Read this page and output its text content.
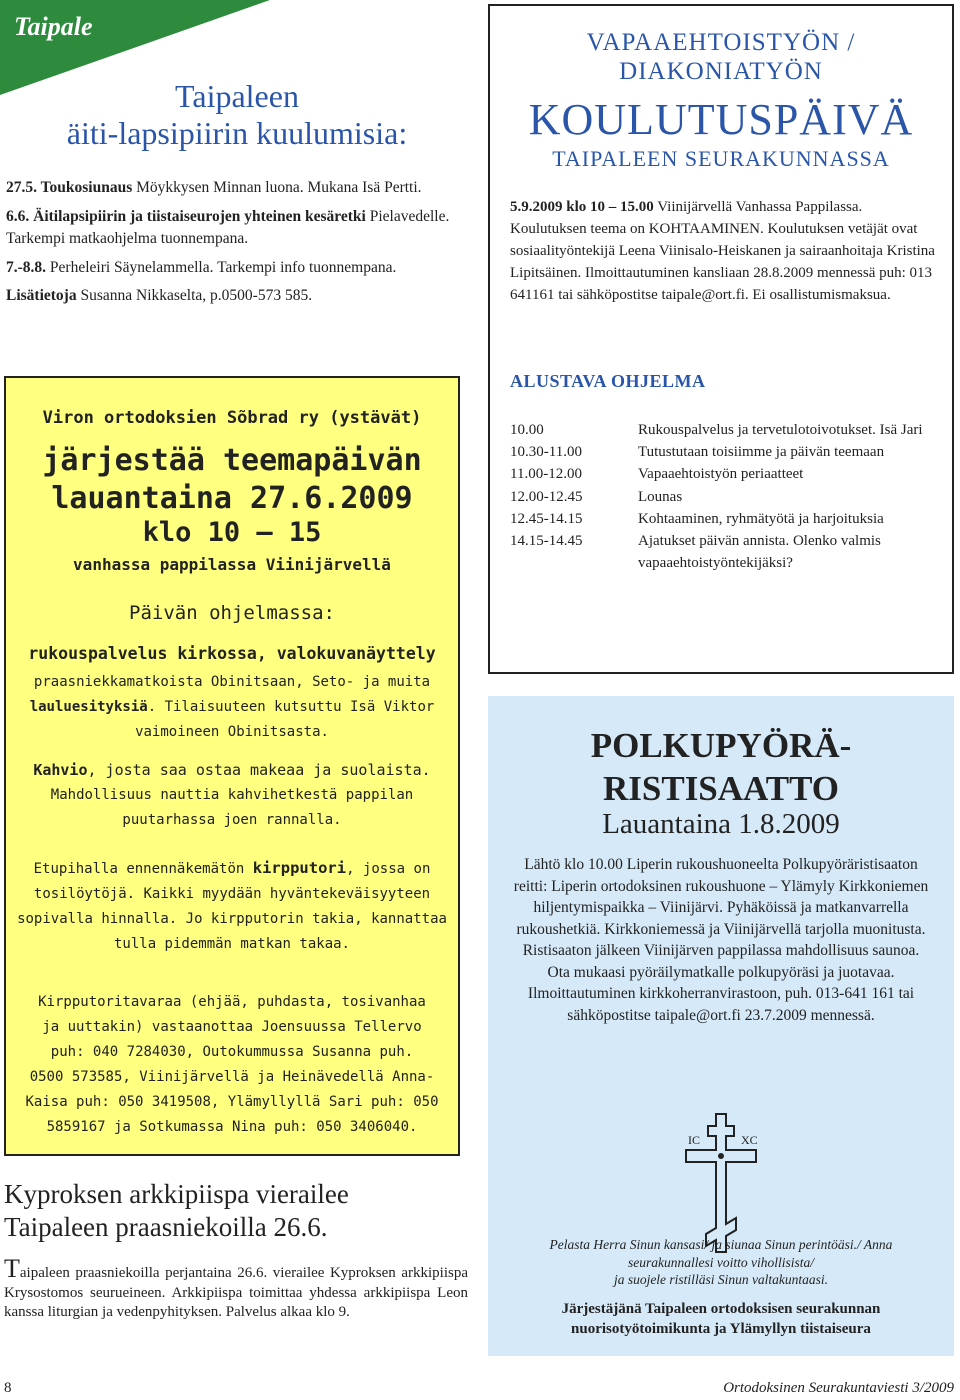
Taipale
Taipaleen
äiti-lapsipiirin kuulumisia:

27.5. Toukosiunaus Möykkysen Minnan luona. Mukana Isä Pertti.

6.6. Äitilapsipiirin ja tiistaiseurojen yhteinen kesäretki Pielavedelle. Tarkempi matkaohjelma tuonnempana.

7.-8.8. Perheleiri Säynelammella. Tarkempi info tuonnempana.

Lisätietoja Susanna Nikkaselta, p.0500-573 585.

Viron ortodoksien Sõbrad ry (ystävät)
järjestää teemapäivän
lauantaina 27.6.2009
klo 10 – 15
vanhassa pappilassa Viinijärvellä
Päivän ohjelmassa:
rukouspalvelus kirkossa, valokuvanäyttely
praasniekkamatkoista Obinitsaan, Seto- ja muita
lauluesityksiä. Tilaisuuteen kutsuttu Isä Viktor
vaimoineen Obinitsasta.
Kahvio, josta saa ostaa makeaa ja suolaista.
Mahdollisuus nauttia kahvihetkestä pappilan
puutarhassa joen rannalla.
Etupihalla ennennäkemätön kirpputori, jossa on
tosilöytöjä. Kaikki myydään hyväntekeväisyyteen
sopivalla hinnalla. Jo kirpputorin takia, kannattaa
tulla pidemmän matkan takaa.
Kirpputoritavaraa (ehjää, puhdasta, tosivanhaa
ja uuttakin) vastaanottaa Joensuussa Tellervo
puh: 040 7284030, Outokummussa Susanna puh.
0500 573585, Viinijärvellä ja Heinävedellä Anna-
Kaisa puh: 050 3419508, Ylämyllyllä Sari puh: 050
5859167 ja Sotkumassa Nina puh: 050 3406040.
Kyproksen arkkipiispa vierailee
Taipaleen praasniekoilla 26.6.
Taipaleen praasniekoilla perjantaina 26.6. vierailee Kyproksen arkkipiispa Krysostomos seurueineen. Arkkipiispa toimittaa yhdessa arkkipiispa Leon kanssa liturgian ja vedenpyhityksen. Palvelus alkaa klo 9.
VAPAAEHTOISTYÖN /
DIAKONIATYÖN
KOULUTUSPÄIVÄ
TAIPALEEN SEURAKUNNASSA
5.9.2009 klo 10 – 15.00 Viinijärvellä Vanhassa Pappilassa. Koulutuksen teema on KOHTAAMINEN. Koulutuksen vetäjät ovat sosiaalityöntekijä Leena Viinisalo-Heiskanen ja sairaanhoitaja Kristina Lipitsäinen. Ilmoittautuminen kansliaan 28.8.2009 mennessä puh: 013 641161 tai sähköpostitse taipale@ort.fi. Ei osallistumismaksua.
ALUSTAVA OHJELMA
10.00	Rukouspalvelus ja tervetulotoivotukset. Isä Jari
10.30-11.00	Tutustutaan toisiimme ja päivän teemaan
11.00-12.00	Vapaaehtoistyön periaatteet
12.00-12.45	Lounas
12.45-14.15	Kohtaaminen, ryhmätyötä ja harjoituksia
14.15-14.45	Ajatukset päivän annista. Olenko valmis vapaaehtoistyöntekijäksi?
POLKUPYÖRÄ-
RISTISAATTO
Lauantaina 1.8.2009
Lähtö klo 10.00 Liperin rukoushuoneelta Polkupyöräristisaaton reitti: Liperin ortodoksinen rukoushuone – Ylämyly Kirkkoniemen hiljentymispaikka – Viinijärvi. Pyhäköissä ja matkanvarrella rukoushetkiä. Kirkkoniemessä ja Viinijärvellä tarjolla muonitusta. Ristisaaton jälkeen Viinijärven pappilassa mahdollisuus saunoa. Ota mukaasi pyöräilymatkalle polkupyöräsi ja juotavaa. Ilmoittautuminen kirkkoherranvirastoon, puh. 013-641 161 tai sähköpostitse taipale@ort.fi 23.7.2009 mennessä.
IC	XC
Pelasta Herra Sinun kansasi/ ja siunaa Sinun perintöäsi./ Anna
seurakunnallesi voitto vihollisista/
ja suojele ristilläsi Sinun valtakuntaasi.
Järjestäjänä Taipaleen ortodoksisen seurakunnan
nuorisotyötoimikunta ja Ylämyllyn tiistaiseura
8	Ortodoksinen Seurakuntaviesti 3/2009
